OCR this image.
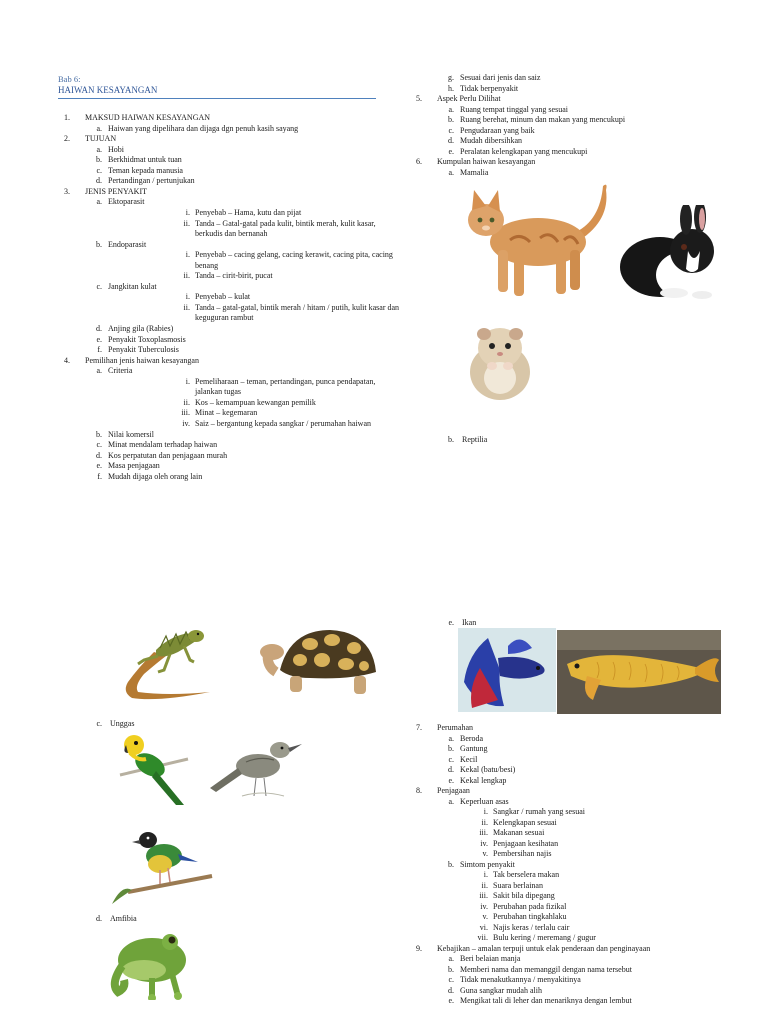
Bab 6:
HAIWAN KESAYANGAN
1. MAKSUD HAIWAN KESAYANGAN
a. Haiwan yang dipelihara dan dijaga dgn penuh kasih sayang
2. TUJUAN
a. Hobi
b. Berkhidmat untuk tuan
c. Teman kepada manusia
d. Pertandingan / pertunjukan
3. JENIS PENYAKIT
a. Ektoparasit
i. Penyebab – Hama, kutu dan pijat
ii. Tanda – Gatal-gatal pada kulit, bintik merah, kulit kasar,
berkudis dan bernanah
b. Endoparasit
i. Penyebab – cacing gelang, cacing kerawit, cacing pita, cacing
benang
ii. Tanda – cirit-birit, pucat
c. Jangkitan kulat
i. Penyebab – kulat
ii. Tanda – gatal-gatal, bintik merah / hitam / putih, kulit kasar dan
keguguran rambut
d. Anjing gila (Rabies)
e. Penyakit Toxoplasmosis
f. Penyakit Tuberculosis
4. Pemilihan jenis haiwan kesayangan
a. Criteria
i. Pemeliharaan – teman, pertandingan, punca pendapatan,
jalankan tugas
ii. Kos – kemampuan kewangan pemilik
iii. Minat – kegemaran
iv. Saiz – bergantung kepada sangkar / perumahan haiwan
b. Nilai komersil
c. Minat mendalam terhadap haiwan
d. Kos perpatutan dan penjagaan murah
e. Masa penjagaan
f. Mudah dijaga oleh orang lain
g. Sesuai dari jenis dan saiz
h. Tidak berpenyakit
5. Aspek Perlu Dilihat
a. Ruang tempat tinggal yang sesuai
b. Ruang berehat, minum dan makan yang mencukupi
c. Pengudaraan yang baik
d. Mudah dibersihkan
e. Peralatan kelengkapan yang mencukupi
6. Kumpulan haiwan kesayangan
a. Mamalia
7. Perumahan
a. Beroda
b. Gantung
c. Kecil
d. Kekal (batu/besi)
e. Kekal lengkap
8. Penjagaan
a. Keperluan asas
i. Sangkar / rumah yang sesuai
ii. Kelengkapan sesuai
iii. Makanan sesuai
iv. Penjagaan kesihatan
v. Pembersihan najis
b. Simtom penyakit
i. Tak berselera makan
ii. Suara berlainan
iii. Sakit bila dipegang
iv. Perubahan pada fizikal
v. Perubahan tingkahlaku
vi. Najis keras / terlalu cair
vii. Bulu kering / meremang / gugur
9. Kebajikan – amalan terpuji untuk elak penderaan dan penginayaan
a. Beri belaian manja
b. Memberi nama dan memanggil dengan nama tersebut
c. Tidak menakutkannya / menyakitinya
d. Guna sangkar mudah alih
e. Mengikat tali di leher dan menariknya dengan lembut
b. Reptilia
e. Ikan
c. Unggas
d. Amfibia
